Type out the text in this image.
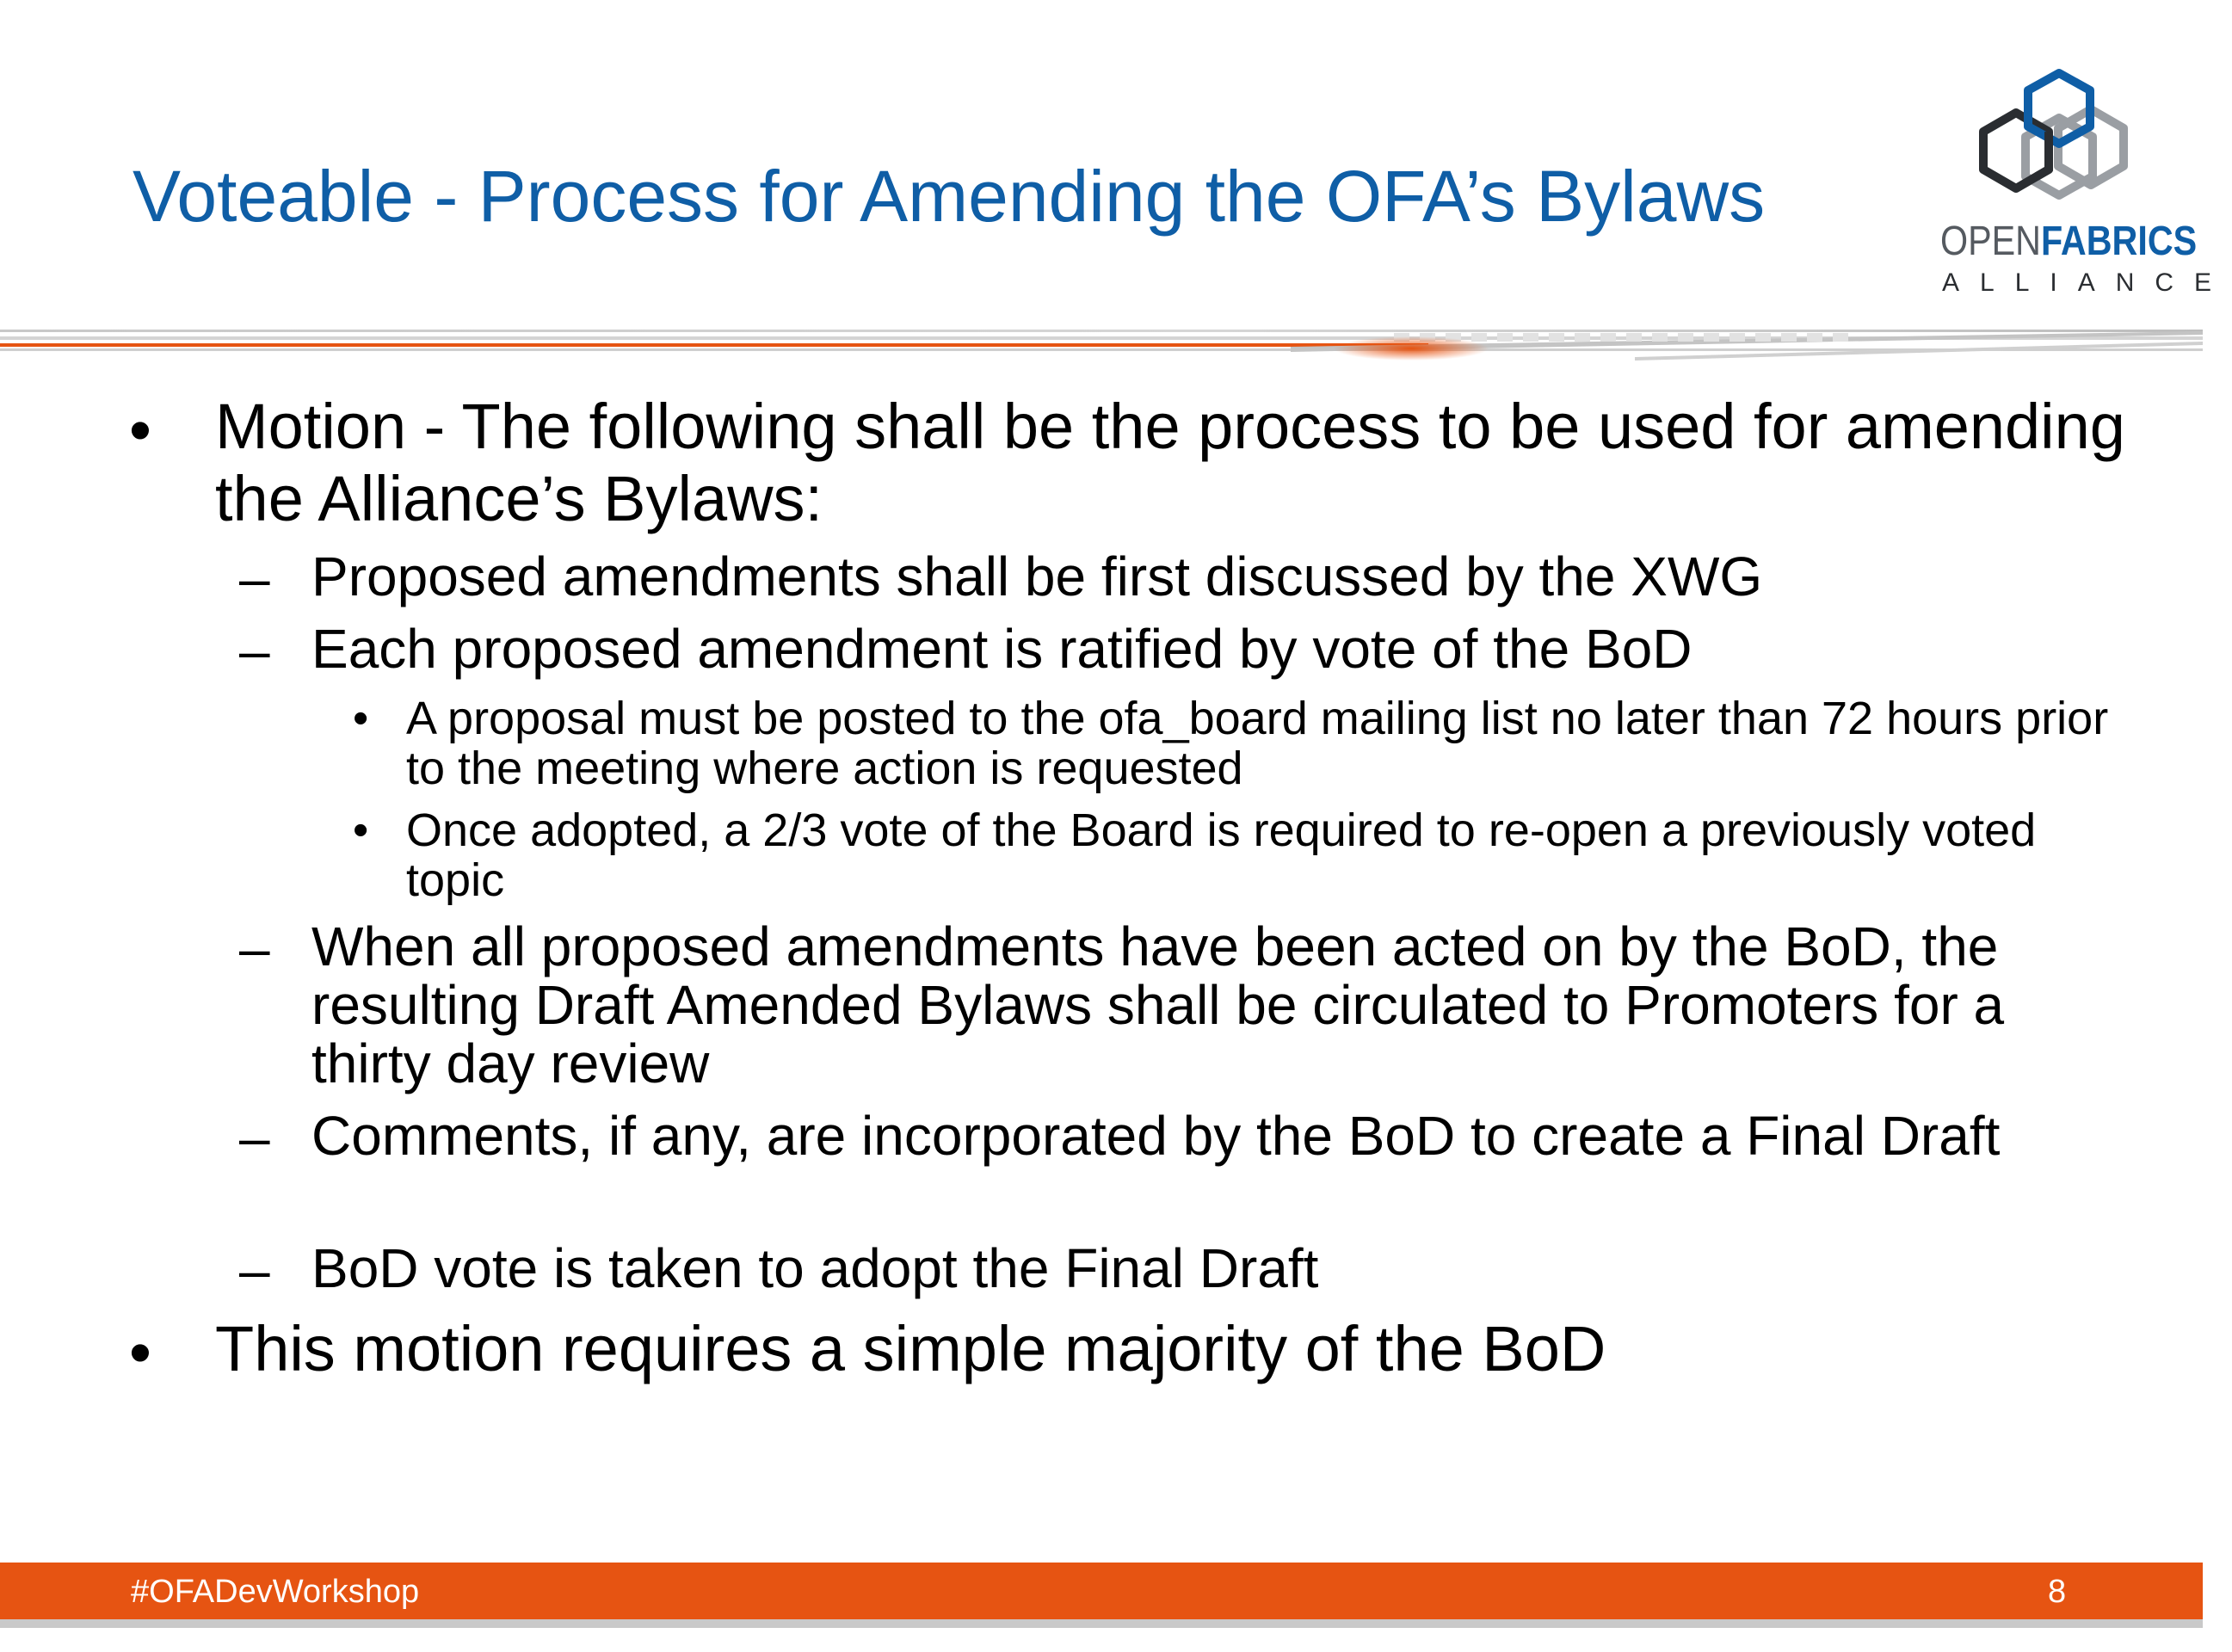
Voteable - Process for Amending the OFA’s Bylaws
OPENFABRICS
ALLIANCE
• Motion - The following shall be the process to be used for amending the Alliance’s Bylaws:
– Proposed amendments shall be first discussed by the XWG
– Each proposed amendment is ratified by vote of the BoD
• A proposal must be posted to the ofa_board mailing list no later than 72 hours prior to the meeting where action is requested
• Once adopted, a 2/3 vote of the Board is required to re-open a previously voted topic
– When all proposed amendments have been acted on by the BoD, the resulting Draft Amended Bylaws shall be circulated to Promoters for a thirty day review
– Comments, if any, are incorporated by the BoD to create a Final Draft
– BoD vote is taken to adopt the Final Draft
• This motion requires a simple majority of the BoD
#OFADevWorkshop	8
